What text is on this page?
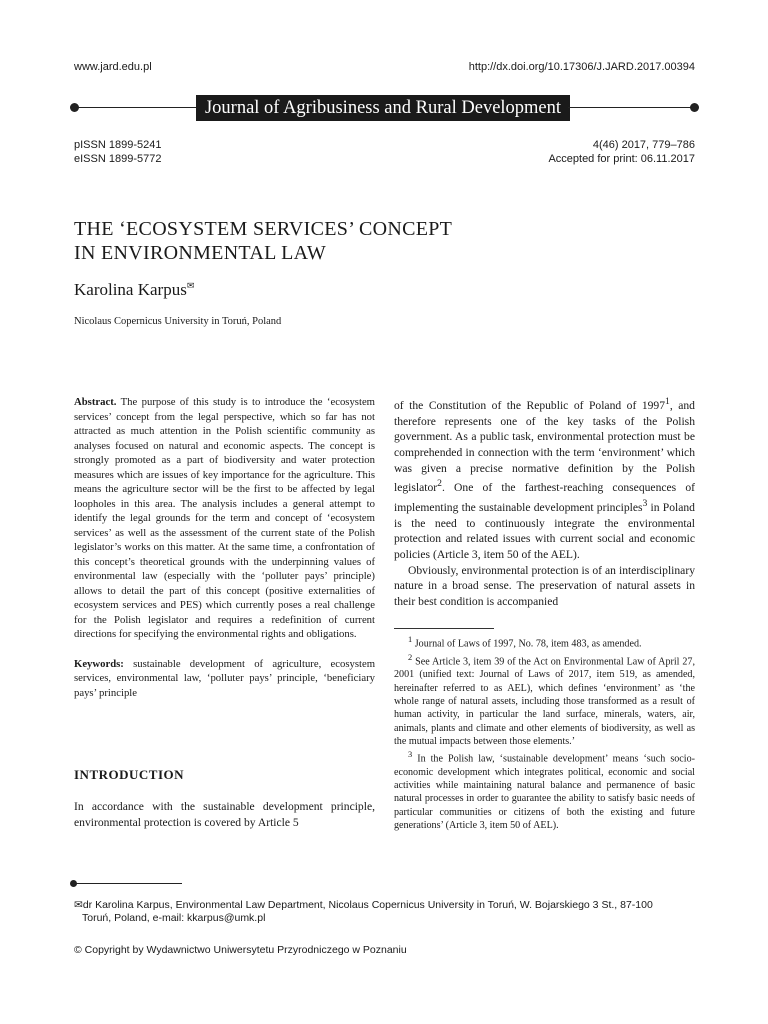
www.jard.edu.pl	http://dx.doi.org/10.17306/J.JARD.2017.00394
Journal of Agribusiness and Rural Development
pISSN 1899-5241
eISSN 1899-5772
4(46) 2017, 779–786
Accepted for print: 06.11.2017
THE ‘ECOSYSTEM SERVICES’ CONCEPT
IN ENVIRONMENTAL LAW
Karolina Karpus✉
Nicolaus Copernicus University in Toruń, Poland

Abstract. The purpose of this study is to introduce the ‘ecosystem services’ concept from the legal perspective, which so far has not attracted as much attention in the Polish scientific community as analyses focused on natural and economic aspects. The concept is strongly promoted as a part of biodiversity and water protection measures which are issues of key importance for the agriculture. This means the agriculture sector will be the first to be affected by legal loopholes in this area. The analysis includes a general attempt to identify the legal grounds for the term and concept of ‘ecosystem services’ as well as the assessment of the current state of the Polish legislator’s works on this matter. At the same time, a confrontation of this concept’s theoretical grounds with the underpinning values of environmental law (especially with the ‘polluter pays’ principle) allows to detail the part of this concept (positive externalities of ecosystem services and PES) which currently poses a real challenge for the Polish legislator and requires a redefinition of current directions for specifying the environmental rights and obligations.

Keywords: sustainable development of agriculture, ecosystem services, environmental law, ‘polluter pays’ principle, ‘beneficiary pays’ principle

INTRODUCTION
In accordance with the sustainable development principle, environmental protection is covered by Article 5

of the Constitution of the Republic of Poland of 1997$^1$, and therefore represents one of the key tasks of the Polish government. As a public task, environmental protection must be comprehended in connection with the term ‘environment’ which was given a precise normative definition by the Polish legislator$^2$. One of the farthest-reaching consequences of implementing the sustainable development principles$^3$ in Poland is the need to continuously integrate the environmental protection and related issues with current social and economic policies (Article 3, item 50 of the AEL).

Obviously, environmental protection is of an interdisciplinary nature in a broad sense. The preservation of natural assets in their best condition is accompanied

$^1$ Journal of Laws of 1997, No. 78, item 483, as amended.

$^2$ See Article 3, item 39 of the Act on Environmental Law of April 27, 2001 (unified text: Journal of Laws of 2017, item 519, as amended, hereinafter referred to as AEL), which defines ‘environment’ as ‘the whole range of natural assets, including those transformed as a result of human activity, in particular the land surface, minerals, waters, air, animals, plants and climate and other elements of biodiversity, as well as the mutual impacts between those elements.’

$^3$ In the Polish law, ‘sustainable development’ means ‘such socio-economic development which integrates political, economic and social activities while maintaining natural balance and permanence of basic natural processes in order to guarantee the ability to satisfy basic needs of particular communities or citizens of both the existing and future generations’ (Article 3, item 50 of AEL).

✉dr Karolina Karpus, Environmental Law Department, Nicolaus Copernicus University in Toruń, W. Bojarskiego 3 St., 87-100
Toruń, Poland, e-mail: kkarpus@umk.pl
© Copyright by Wydawnictwo Uniwersytetu Przyrodniczego w Poznaniu
